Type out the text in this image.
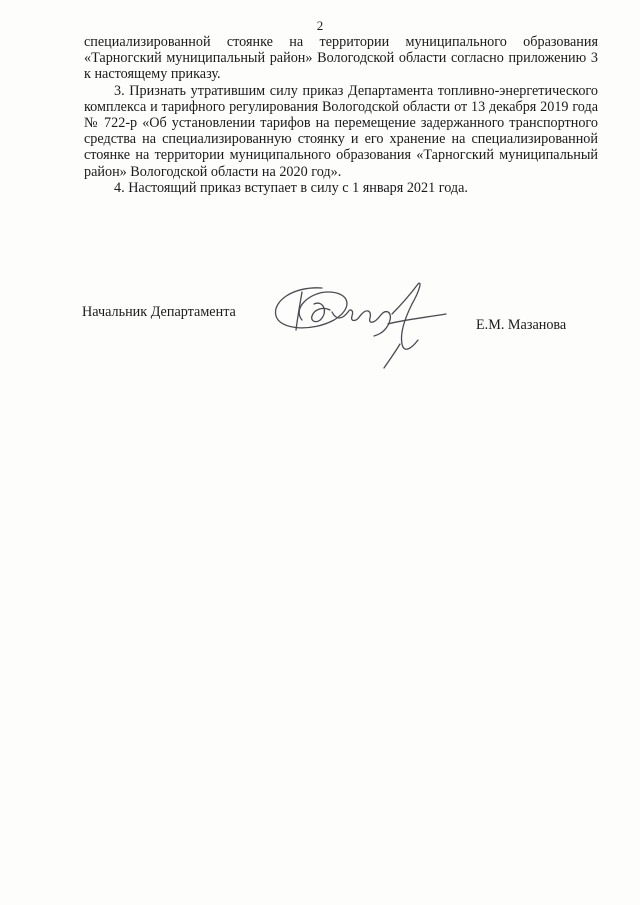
2

специализированной стоянке на территории муниципального образования «Тарногский муниципальный район» Вологодской области согласно приложению 3 к настоящему приказу.

3. Признать утратившим силу приказ Департамента топливно-энергетического комплекса и тарифного регулирования Вологодской области от 13 декабря 2019 года № 722-р «Об установлении тарифов на перемещение задержанного транспортного средства на специализированную стоянку и его хранение на специализированной стоянке на территории муниципального образования «Тарногский муниципальный район» Вологодской области на 2020 год».

4. Настоящий приказ вступает в силу с 1 января 2021 года.

Начальник Департамента
Е.М. Мазанова
